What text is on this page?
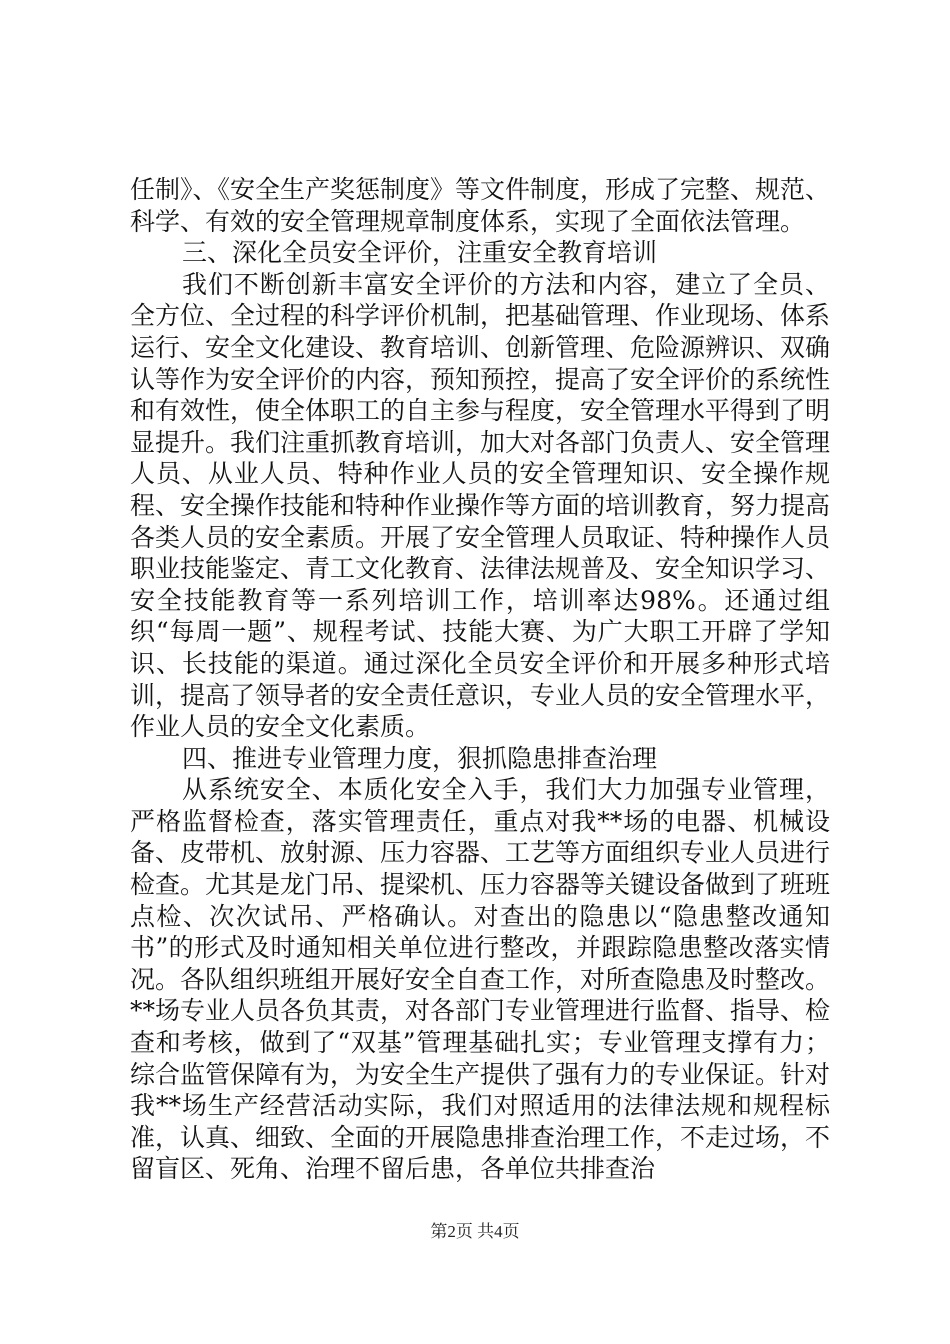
任制》、《安全生产奖惩制度》等文件制度，形成了完整、规范、科学、有效的安全管理规章制度体系，实现了全面依法管理。

三、深化全员安全评价，注重安全教育培训

我们不断创新丰富安全评价的方法和内容，建立了全员、全方位、全过程的科学评价机制，把基础管理、作业现场、体系运行、安全文化建设、教育培训、创新管理、危险源辨识、双确认等作为安全评价的内容，预知预控，提高了安全评价的系统性和有效性，使全体职工的自主参与程度，安全管理水平得到了明显提升。我们注重抓教育培训，加大对各部门负责人、安全管理人员、从业人员、特种作业人员的安全管理知识、安全操作规程、安全操作技能和特种作业操作等方面的培训教育，努力提高各类人员的安全素质。开展了安全管理人员取证、特种操作人员职业技能鉴定、青工文化教育、法律法规普及、安全知识学习、安全技能教育等一系列培训工作，培训率达98%。还通过组织“每周一题”、规程考试、技能大赛、为广大职工开辟了学知识、长技能的渠道。通过深化全员安全评价和开展多种形式培训，提高了领导者的安全责任意识，专业人员的安全管理水平，作业人员的安全文化素质。

四、推进专业管理力度，狠抓隐患排查治理

从系统安全、本质化安全入手，我们大力加强专业管理，严格监督检查，落实管理责任，重点对我**场的电器、机械设备、皮带机、放射源、压力容器、工艺等方面组织专业人员进行检查。尤其是龙门吊、提梁机、压力容器等关键设备做到了班班点检、次次试吊、严格确认。对查出的隐患以“隐患整改通知书”的形式及时通知相关单位进行整改，并跟踪隐患整改落实情况。各队组织班组开展好安全自查工作，对所查隐患及时整改。**场专业人员各负其责，对各部门专业管理进行监督、指导、检查和考核，做到了“双基”管理基础扎实；专业管理支撑有力；综合监管保障有为，为安全生产提供了强有力的专业保证。针对我**场生产经营活动实际，我们对照适用的法律法规和规程标准，认真、细致、全面的开展隐患排查治理工作，不走过场，不留盲区、死角、治理不留后患，各单位共排查治

第2页 共4页
